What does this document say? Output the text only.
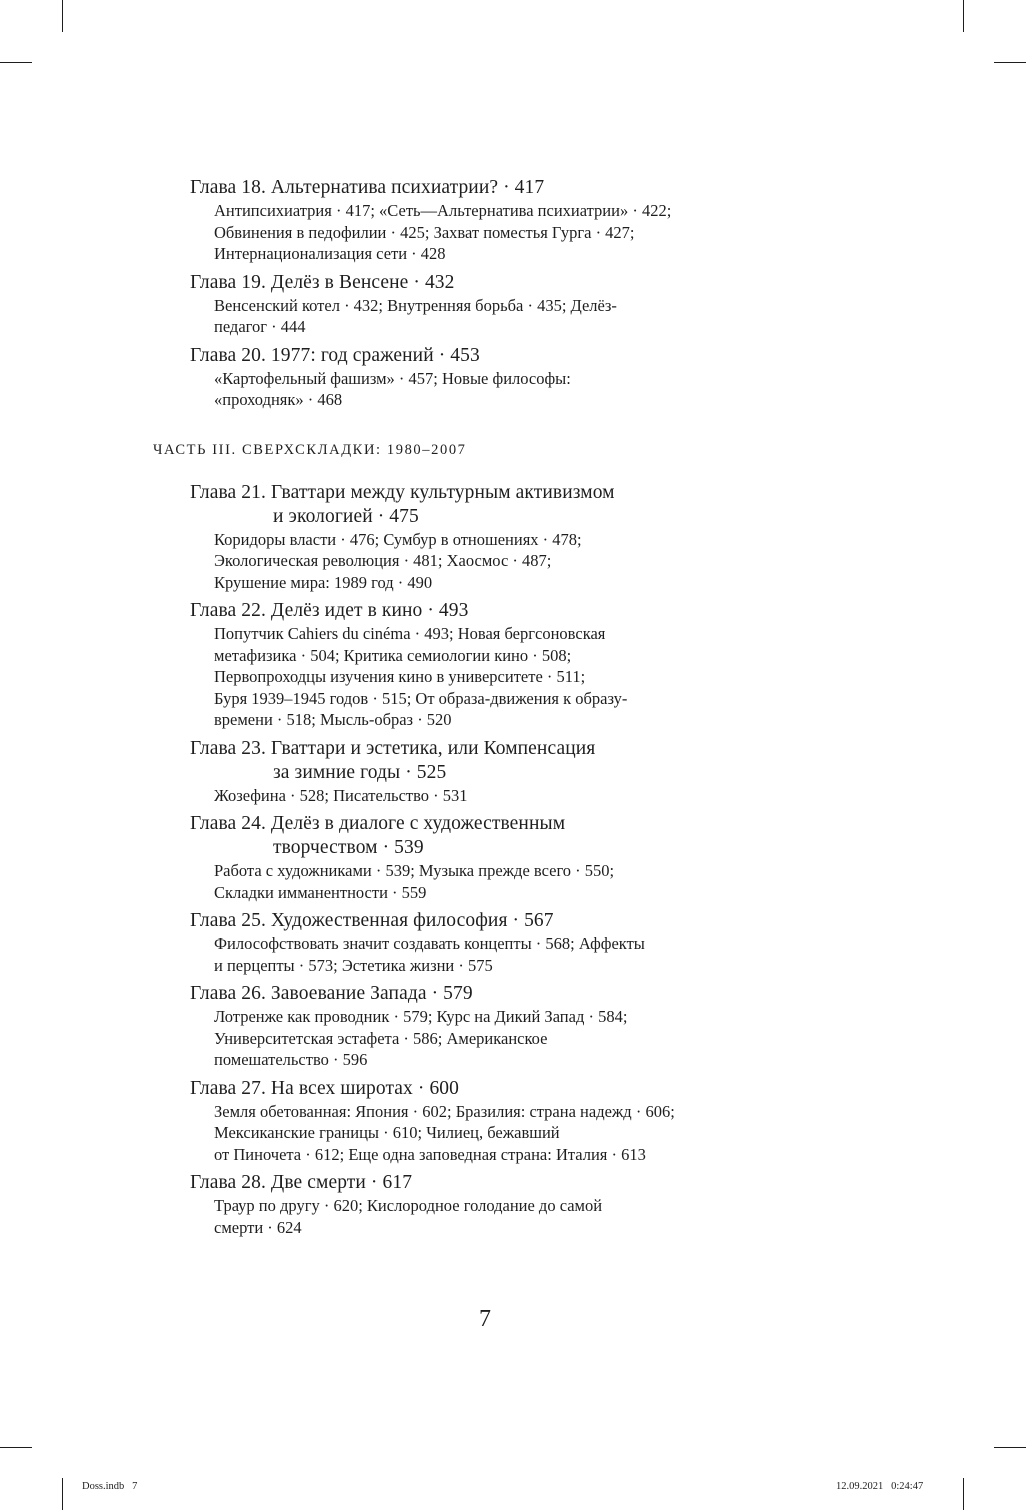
Глава 18. Альтернатива психиатрии? · 417
Антипсихиатрия · 417; «Сеть—Альтернатива психиатрии» · 422;
Обвинения в педофилии · 425; Захват поместья Гурга · 427;
Интернационализация сети · 428
Глава 19. Делёз в Венсене · 432
Венсенский котел · 432; Внутренняя борьба · 435; Делёз-
педагог · 444
Глава 20. 1977: год сражений · 453
«Картофельный фашизм» · 457; Новые философы:
«проходняк» · 468
ЧАСТЬ III. СВЕРХСКЛАДКИ: 1980–2007
Глава 21. Гваттари между культурным активизмом
и экологией · 475
Коридоры власти · 476; Сумбур в отношениях · 478;
Экологическая революция · 481; Хаосмос · 487;
Крушение мира: 1989 год · 490
Глава 22. Делёз идет в кино · 493
Попутчик Cahiers du cinéma · 493; Новая бергсоновская
метафизика · 504; Критика семиологии кино · 508;
Первопроходцы изучения кино в университете · 511;
Буря 1939–1945 годов · 515; От образа-движения к образу-
времени · 518; Мысль-образ · 520
Глава 23. Гваттари и эстетика, или Компенсация
за зимние годы · 525
Жозефина · 528; Писательство · 531
Глава 24. Делёз в диалоге с художественным
творчеством · 539
Работа с художниками · 539; Музыка прежде всего · 550;
Складки имманентности · 559
Глава 25. Художественная философия · 567
Философствовать значит создавать концепты · 568; Аффекты
и перцепты · 573; Эстетика жизни · 575
Глава 26. Завоевание Запада · 579
Лотренже как проводник · 579; Курс на Дикий Запад · 584;
Университетская эстафета · 586; Американское
помешательство · 596
Глава 27. На всех широтах · 600
Земля обетованная: Япония · 602; Бразилия: страна надежд · 606;
Мексиканские границы · 610; Чилиец, бежавший
от Пиночета · 612; Еще одна заповедная страна: Италия · 613
Глава 28. Две смерти · 617
Траур по другу · 620; Кислородное голодание до самой
смерти · 624
7
Doss.indb   7	12.09.2021   0:24:47
